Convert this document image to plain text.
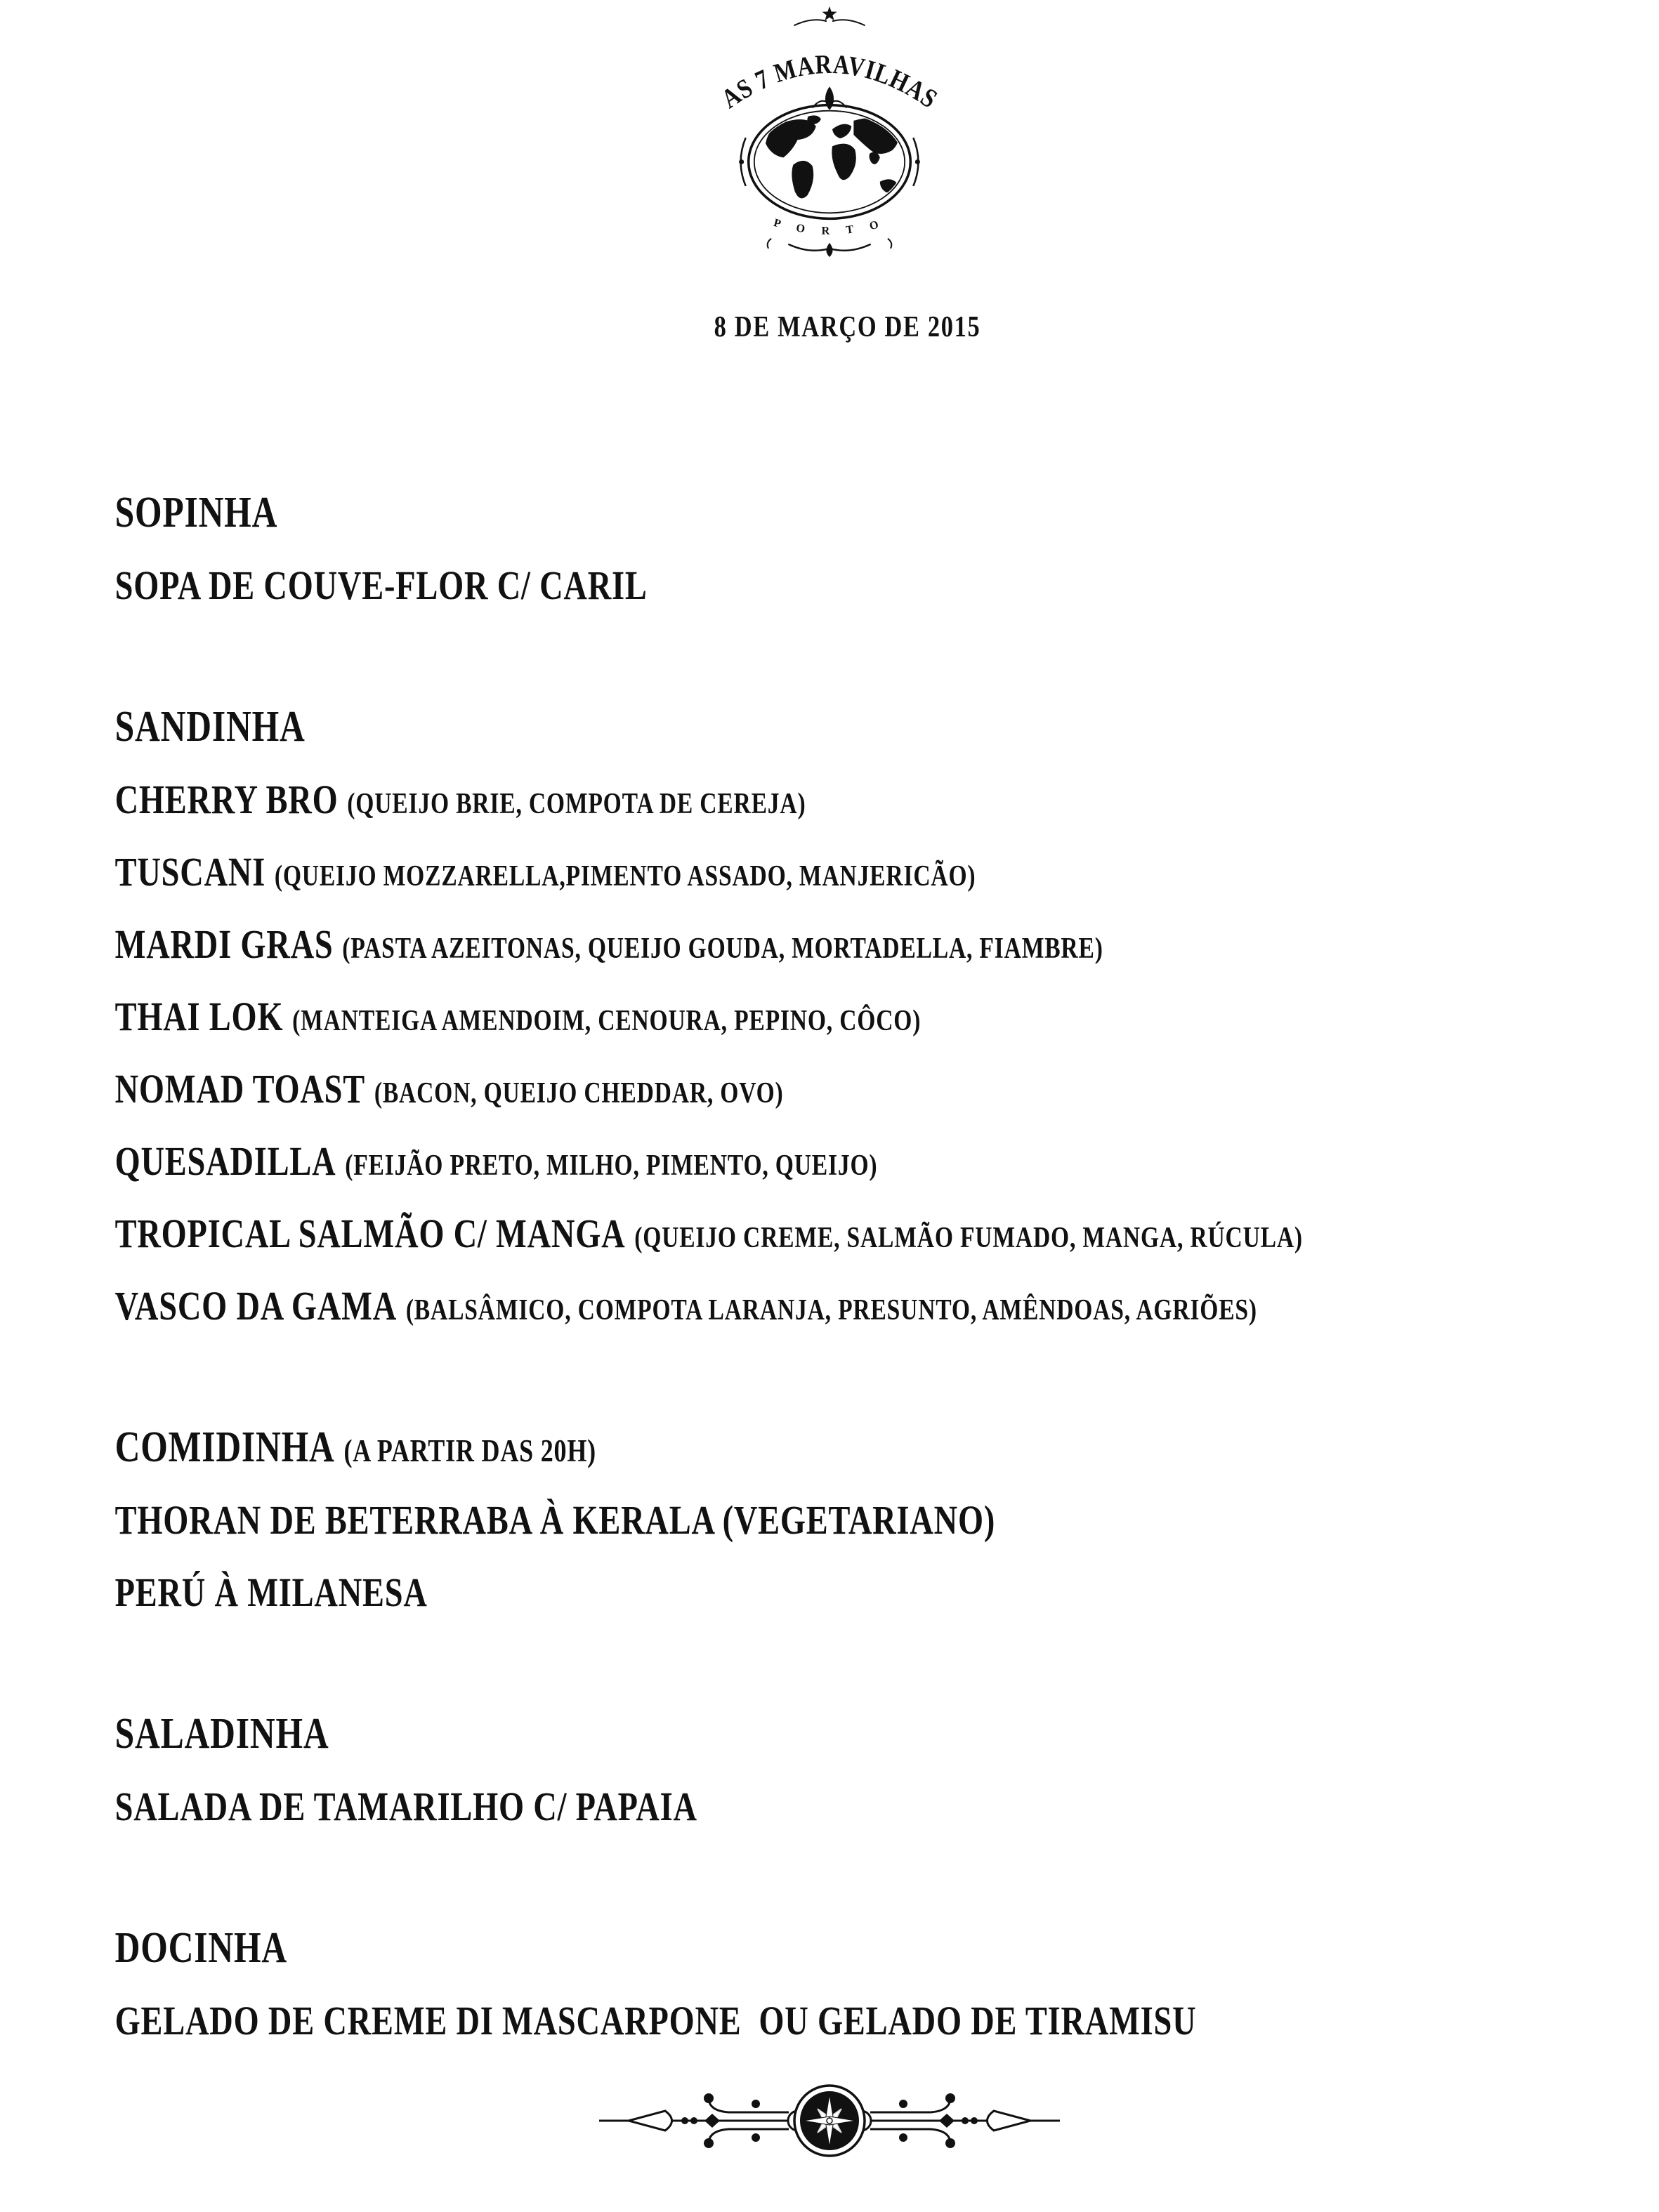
AS 7 MARAVILHAS
P O R T O

8 DE MARÇO DE 2015

SOPINHA

SOPA DE COUVE-FLOR C/ CARIL

SANDINHA

CHERRY BRO (QUEIJO BRIE, COMPOTA DE CEREJA)

TUSCANI (QUEIJO MOZZARELLA,PIMENTO ASSADO, MANJERICÃO)

MARDI GRAS (PASTA AZEITONAS, QUEIJO GOUDA, MORTADELLA, FIAMBRE)

THAI LOK (MANTEIGA AMENDOIM, CENOURA, PEPINO, CÔCO)

NOMAD TOAST (BACON, QUEIJO CHEDDAR, OVO)

QUESADILLA (FEIJÃO PRETO, MILHO, PIMENTO, QUEIJO)

TROPICAL SALMÃO C/ MANGA (QUEIJO CREME, SALMÃO FUMADO, MANGA, RÚCULA)

VASCO DA GAMA (BALSÂMICO, COMPOTA LARANJA, PRESUNTO, AMÊNDOAS, AGRIÕES)

COMIDINHA (A PARTIR DAS 20H)

THORAN DE BETERRABA À KERALA (VEGETARIANO)

PERÚ À MILANESA

SALADINHA

SALADA DE TAMARILHO C/ PAPAIA

DOCINHA

GELADO DE CREME DI MASCARPONE  OU GELADO DE TIRAMISU
